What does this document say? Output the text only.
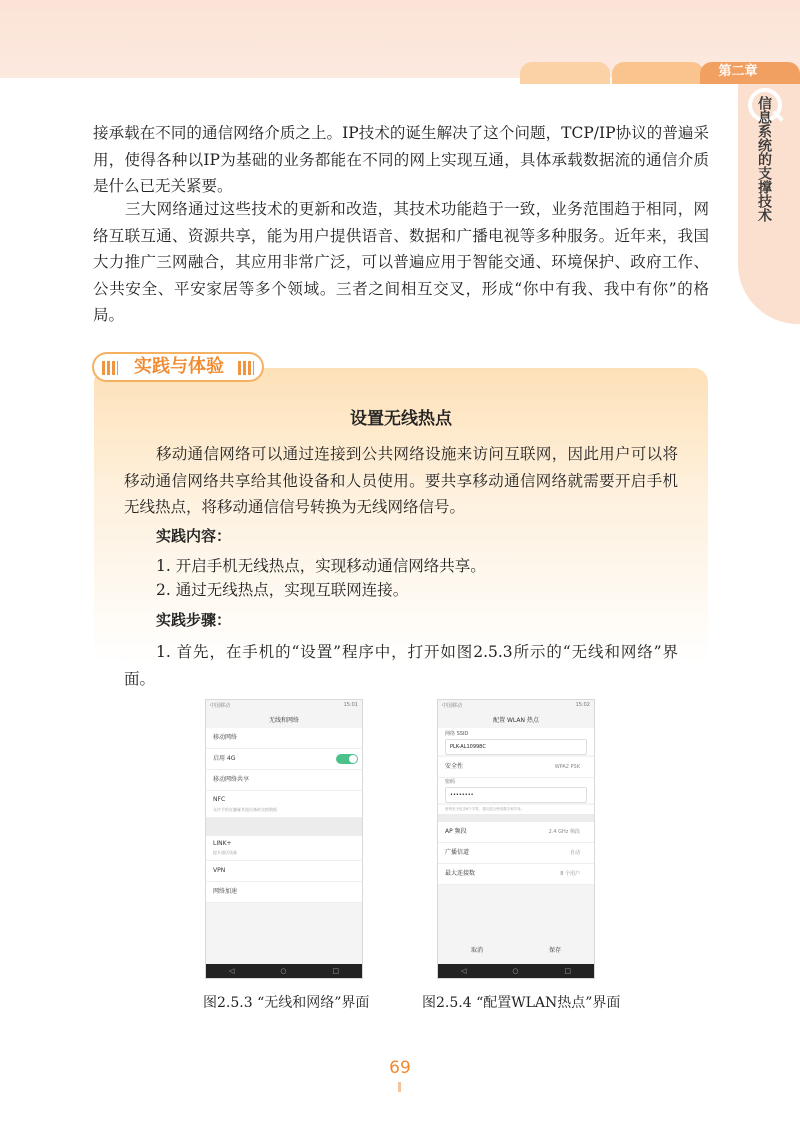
第二章
信息系统的支撑技术

接承载在不同的通信网络介质之上。IP技术的诞生解决了这个问题，TCP/IP协议的普遍采用，使得各种以IP为基础的业务都能在不同的网上实现互通，具体承载数据流的通信介质是什么已无关紧要。

三大网络通过这些技术的更新和改造，其技术功能趋于一致，业务范围趋于相同，网络互联互通、资源共享，能为用户提供语音、数据和广播电视等多种服务。近年来，我国大力推广三网融合，其应用非常广泛，可以普遍应用于智能交通、环境保护、政府工作、公共安全、平安家居等多个领域。三者之间相互交叉，形成“你中有我、我中有你”的格局。

实践与体验

设置无线热点

移动通信网络可以通过连接到公共网络设施来访问互联网，因此用户可以将移动通信网络共享给其他设备和人员使用。要共享移动通信网络就需要开启手机无线热点，将移动通信信号转换为无线网络信号。

实践内容：

1. 开启手机无线热点，实现移动通信网络共享。

2. 通过无线热点，实现互联网连接。

实践步骤：

1. 首先，在手机的“设置”程序中，打开如图2.5.3所示的“无线和网络”界面。

中国移动	15:01
无线和网络
移动网络
启用 4G
移动网络共享
NFC
允许手机在触碰其他设备时交换数据
LINK+
提升通话质量
VPN
网络加速
◁	○	□
中国移动	15:02
配置 WLAN 热点
网络 SSID
PLK-AL10998C
安全性	WPA2 PSK
密码
••••••••
密码至少包含8个字符，建议混合使用数字和字母。
AP 频段	2.4 GHz 频段
广播信道	自动
最大连接数	8 个用户
取消	保存
◁	○	□

图2.5.3 “无线和网络”界面	图2.5.4 “配置WLAN热点”界面

69
